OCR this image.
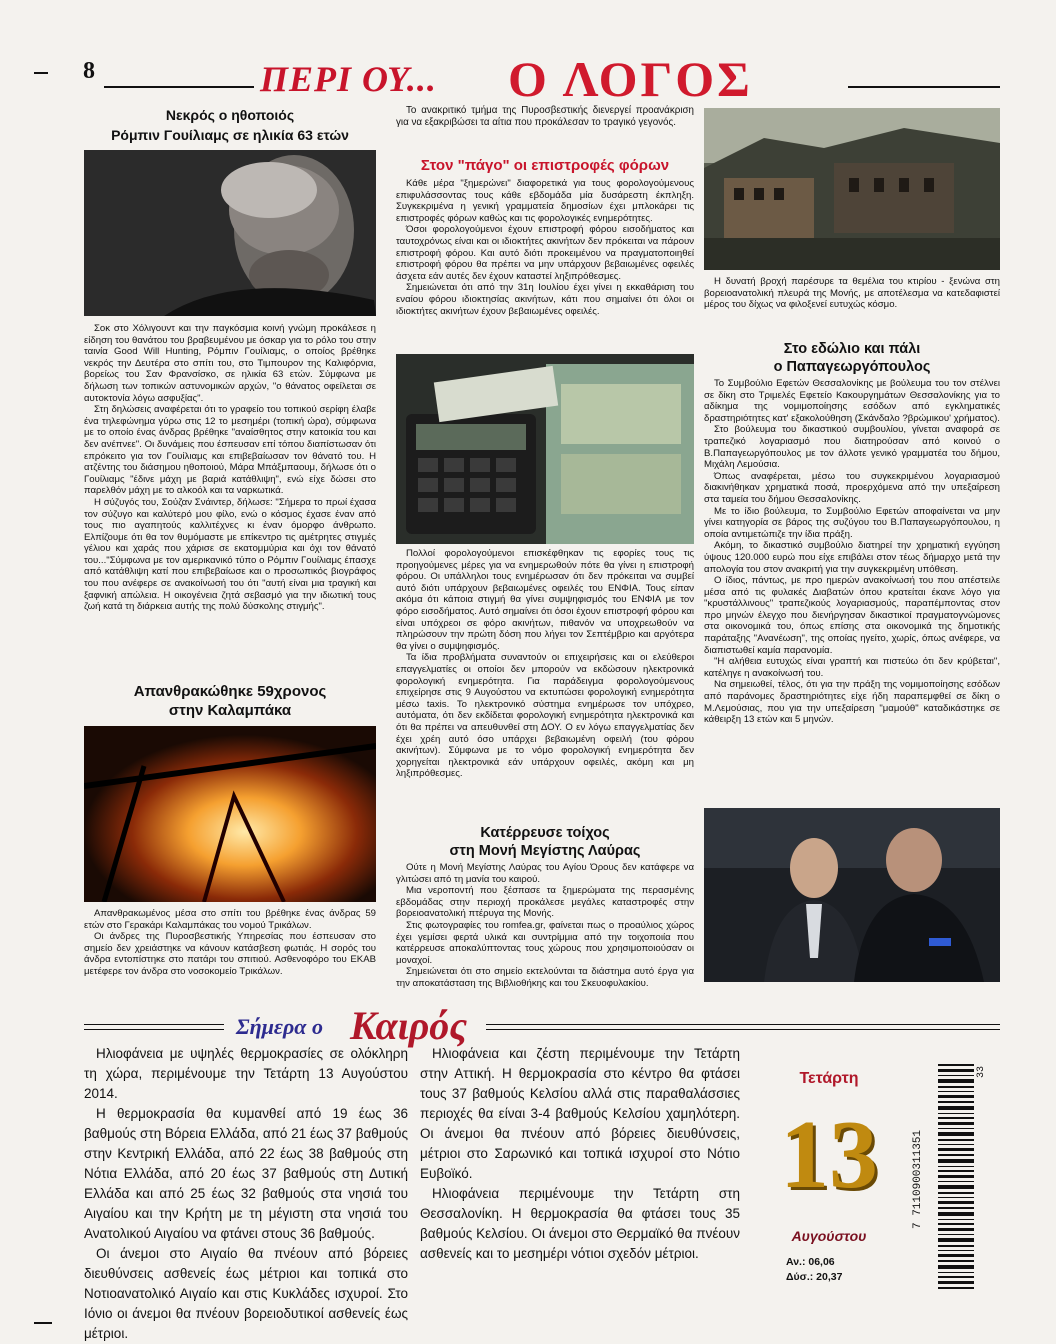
8	ΠΕΡΙ ΟΥ... Ο ΛΟΓΟΣ
Νεκρός ο ηθοποιός
Ρόμπιν Γουίλιαμς σε ηλικία 63 ετών

Σοκ στο Χόλιγουντ και την παγκόσμια κοινή γνώμη προκάλεσε η είδηση του θανάτου του βραβευμένου με όσκαρ για το ρόλο του στην ταινία Good Will Hunting, Ρόμπιν Γουίλιαμς, ο οποίος βρέθηκε νεκρός την Δευτέρα στο σπίτι του, στο Τιμπουρον της Καλιφόρνια, βορείως του Σαν Φρανσίσκο, σε ηλικία 63 ετών. Σύμφωνα με δήλωση των τοπικών αστυνομικών αρχών, "ο θάνατος οφείλεται σε αυτοκτονία λόγω ασφυξίας".

Στη δηλώσεις αναφέρεται ότι το γραφείο του τοπικού σερίφη έλαβε ένα τηλεφώνημα γύρω στις 12 το μεσημέρι (τοπική ώρα), σύμφωνα με το οποίο ένας άνδρας βρέθηκε "αναίσθητος στην κατοικία του και δεν ανέπνεε". Οι δυνάμεις που έσπευσαν επί τόπου διαπίστωσαν ότι επρόκειτο για τον Γουίλιαμς και επιβεβαίωσαν τον θάνατό του. Η ατζέντης του διάσημου ηθοποιού, Μάρα Μπάξμπαουμ, δήλωσε ότι ο Γουίλιαμς "έδινε μάχη με βαριά κατάθλιψη", ενώ είχε δώσει στο παρελθόν μάχη με το αλκοόλ και τα ναρκωτικά.

Η σύζυγός του, Σούζαν Σνάιντερ, δήλωσε: "Σήμερα το πρωί έχασα τον σύζυγο και καλύτερό μου φίλο, ενώ ο κόσμος έχασε έναν από τους πιο αγαπητούς καλλιτέχνες κι έναν όμορφο άνθρωπο. Ελπίζουμε ότι θα τον θυμόμαστε με επίκεντρο τις αμέτρητες στιγμές γέλιου και χαράς που χάρισε σε εκατομμύρια και όχι τον θάνατό του..."Σύμφωνα με τον αμερικανικό τύπο ο Ρόμπιν Γουίλιαμς έπασχε από κατάθλιψη κατί που επιβεβαίωσε και ο προσωπικός βιογράφος του που ανέφερε σε ανακοίνωσή του ότι "αυτή είναι μια τραγική και ξαφνική απώλεια. Η οικογένεια ζητά σεβασμό για την ιδιωτική τους ζωή κατά τη διάρκεια αυτής της πολύ δύσκολης στιγμής".

Απανθρακώθηκε 59χρονος
στην Καλαμπάκα

Απανθρακωμένος μέσα στο σπίτι του βρέθηκε ένας άνδρας 59 ετών στο Γερακάρι Καλαμπάκας του νομού Τρικάλων.

Οι άνδρες της Πυροσβεστικής Υπηρεσίας που έσπευσαν στο σημείο δεν χρειάστηκε να κάνουν κατάσβεση φωτιάς. Η σορός του άνδρα εντοπίστηκε στο πατάρι του σπιτιού. Ασθενοφόρο του ΕΚΑΒ μετέφερε τον άνδρα στο νοσοκομείο Τρικάλων.

Το ανακριτικό τμήμα της Πυροσβεστικής διενεργεί προανάκριση για να εξακριβώσει τα αίτια που προκάλεσαν το τραγικό γεγονός.

Στον "πάγο" οι επιστροφές φόρων

Κάθε μέρα "ξημερώνει" διαφορετικά για τους φορολογούμενους επιφυλάσσοντας τους κάθε εβδομάδα μία δυσάρεστη έκπληξη. Συγκεκριμένα η γενική γραμματεία δημοσίων έχει μπλοκάρει τις επιστροφές φόρων καθώς και τις φορολογικές ενημερότητες.

Όσοι φορολογούμενοι έχουν επιστροφή φόρου εισοδήματος και ταυτοχρόνως είναι και οι ιδιοκτήτες ακινήτων δεν πρόκειται να πάρουν επιστροφή φόρου. Και αυτό διότι προκειμένου να πραγματοποιηθεί επιστροφή φόρου θα πρέπει να μην υπάρχουν βεβαιωμένες οφειλές άσχετα εάν αυτές δεν έχουν καταστεί ληξιπρόθεσμες.

Σημειώνεται ότι από την 31η Ιουλίου έχει γίνει η εκκαθάριση του εναίου φόρου ιδιοκτησίας ακινήτων, κάτι που σημαίνει ότι όλοι οι ιδιοκτήτες ακινήτων έχουν βεβαιωμένες οφειλές.

Πολλοί φορολογούμενοι επισκέφθηκαν τις εφορίες τους τις προηγούμενες μέρες για να ενημερωθούν πότε θα γίνει η επιστροφή φόρου. Οι υπάλληλοι τους ενημέρωσαν ότι δεν πρόκειται να συμβεί αυτό διότι υπάρχουν βεβαιωμένες οφειλές του ΕΝΦΙΑ. Τους είπαν ακόμα ότι κάποια στιγμή θα γίνει συμψηφισμός του ΕΝΦΙΑ με τον φόρο εισοδήματος. Αυτό σημαίνει ότι όσοι έχουν επιστροφή φόρου και είναι υπόχρεοι σε φόρο ακινήτων, πιθανόν να υποχρεωθούν να πληρώσουν την πρώτη δόση που λήγει τον Σεπτέμβριο και αργότερα θα γίνει ο συμψηφισμός.

Τα ίδια προβλήματα συναντούν οι επιχειρήσεις και οι ελεύθεροι επαγγελματίες οι οποίοι δεν μπορούν να εκδώσουν ηλεκτρονικά φορολογική ενημερότητα. Για παράδειγμα φορολογούμενους επιχείρησε στις 9 Αυγούστου να εκτυπώσει φορολογική ενημερότητα μέσω taxis. Το ηλεκτρονικό σύστημα ενημέρωσε τον υπόχρεο, αυτόματα, ότι δεν εκδίδεται φορολογική ενημερότητα ηλεκτρονικά και ότι θα πρέπει να απευθυνθεί στη ΔΟΥ. Ο εν λόγω επαγγελματίας δεν έχει χρέη αυτό όσο υπάρχει βεβαιωμένη οφειλή (του φόρου ακινήτων). Σύμφωνα με το νόμο φορολογική ενημερότητα δεν χορηγείται ηλεκτρονικά εάν υπάρχουν οφειλές, ακόμη και μη ληξιπρόθεσμες.

Κατέρρευσε τοίχος
στη Μονή Μεγίστης Λαύρας

Ούτε η Μονή Μεγίστης Λαύρας του Αγίου Όρους δεν κατάφερε να γλιτώσει από τη μανία του καιρού.

Μια νεροποντή που ξέσπασε τα ξημερώματα της περασμένης εβδομάδας στην περιοχή προκάλεσε μεγάλες καταστροφές στην βορειοανατολική πτέρυγα της Μονής.

Στις φωτογραφίες του romfea.gr, φαίνεται πως ο προαύλιος χώρος έχει γεμίσει φερτά υλικά και συντρίμμια από την τοιχοποιία που κατέρρευσε αποκαλύπτοντας τους χώρους που χρησιμοποιούσαν οι μοναχοί.

Σημειώνεται ότι στο σημείο εκτελούνται τα διάστημα αυτό έργα για την αποκατάσταση της Βιβλιοθήκης και του Σκευοφυλακίου.

Η δυνατή βροχή παρέσυρε τα θεμέλια του κτιρίου - ξενώνα στη βορειοανατολική πλευρά της Μονής, με αποτέλεσμα να κατεδαφιστεί μέρος του δίχως να φιλοξενεί ευτυχώς κόσμο.

Στο εδώλιο και πάλι
ο Παπαγεωργόπουλος

Το Συμβούλιο Εφετών Θεσσαλονίκης με βούλευμα του τον στέλνει σε δίκη στο Τριμελές Εφετείο Κακουργημάτων Θεσσαλονίκης για το αδίκημα της νομιμοποίησης εσόδων από εγκληματικές δραστηριότητες κατ' εξακολούθηση (Σκάνδαλο ?βρώμικου' χρήματος).

Στο βούλευμα του δικαστικού συμβουλίου, γίνεται αναφορά σε τραπεζικό λογαριασμό που διατηρούσαν από κοινού ο Β.Παπαγεωργόπουλος με τον άλλοτε γενικό γραμματέα του δήμου, Μιχάλη Λεμούσια.

Όπως αναφέρεται, μέσω του συγκεκριμένου λογαριασμού διακινήθηκαν χρηματικά ποσά, προερχόμενα από την υπεξαίρεση στα ταμεία του δήμου Θεσσαλονίκης.

Με το ίδιο βούλευμα, το Συμβούλιο Εφετών αποφαίνεται να μην γίνει κατηγορία σε βάρος της συζύγου του Β.Παπαγεωργόπουλου, η οποία αντιμετώπιζε την ίδια πράξη.

Ακόμη, το δικαστικό συμβούλιο διατηρεί την χρηματική εγγύηση ύψους 120.000 ευρώ που είχε επιβάλει στον τέως δήμαρχο μετά την απολογία του στον ανακριτή για την συγκεκριμένη υπόθεση.

Ο ίδιος, πάντως, με προ ημερών ανακοίνωσή του που απέστειλε μέσα από τις φυλακές Διαβατών όπου κρατείται έκανε λόγο για "κρυστάλλινους" τραπεζικούς λογαριασμούς, παραπέμποντας στον προ μηνών έλεγχο που διενήργησαν δικαστικοί πραγματογνώμονες στα οικονομικά του, όπως επίσης στα οικονομικά της δημοτικής παράταξης "Ανανέωση", της οποίας ηγείτο, χωρίς, όπως ανέφερε, να διαπιστωθεί καμία παρανομία.

"Η αλήθεια ευτυχώς είναι γραπτή και πιστεύω ότι δεν κρύβεται", κατέληγε η ανακοίνωσή του.

Να σημειωθεί, τέλος, ότι για την πράξη της νομιμοποίησης εσόδων από παράνομες δραστηριότητες είχε ήδη παραπεμφθεί σε δίκη ο Μ.Λεμούσιας, που για την υπεξαίρεση "μαμούθ" καταδικάστηκε σε κάθειρξη 13 ετών και 5 μηνών.

Σήμερα ο Καιρός

Ηλιοφάνεια με υψηλές θερμοκρασίες σε ολόκληρη τη χώρα, περιμένουμε την Τετάρτη 13 Αυγούστου 2014.

Η θερμοκρασία θα κυμανθεί από 19 έως 36 βαθμούς στη Βόρεια Ελλάδα, από 21 έως 37 βαθμούς στην Κεντρική Ελλάδα, από 22 έως 38 βαθμούς στη Νότια Ελλάδα, από 20 έως 37 βαθμούς στη Δυτική Ελλάδα και από 25 έως 32 βαθμούς στα νησιά του Αιγαίου και την Κρήτη με τη μέγιστη στα νησιά του Ανατολικού Αιγαίου να φτάνει στους 36 βαθμούς.

Οι άνεμοι στο Αιγαίο θα πνέουν από βόρειες διευθύνσεις ασθενείς έως μέτριοι και τοπικά στο Νοτιοανατολικό Αιγαίο και στις Κυκλάδες ισχυροί. Στο Ιόνιο οι άνεμοι θα πνέουν βορειοδυτικοί ασθενείς έως μέτριοι.

Ηλιοφάνεια και ζέστη περιμένουμε την Τετάρτη στην Αττική. Η θερμοκρασία στο κέντρο θα φτάσει τους 37 βαθμούς Κελσίου αλλά στις παραθαλάσσιες περιοχές θα είναι 3-4 βαθμούς Κελσίου χαμηλότερη. Οι άνεμοι θα πνέουν από βόρειες διευθύνσεις, μέτριοι στο Σαρωνικό και τοπικά ισχυροί στο Νότιο Ευβοϊκό.

Ηλιοφάνεια περιμένουμε την Τετάρτη στη Θεσσαλονίκη. Η θερμοκρασία θα φτάσει τους 35 βαθμούς Κελσίου. Οι άνεμοι στο Θερμαϊκό θα πνέουν ασθενείς και το μεσημέρι νότιοι σχεδόν μέτριοι.

Τετάρτη
13
Αυγούστου
Αν.: 06,06
Δύσ.: 20,37
7 7110900311351
33
